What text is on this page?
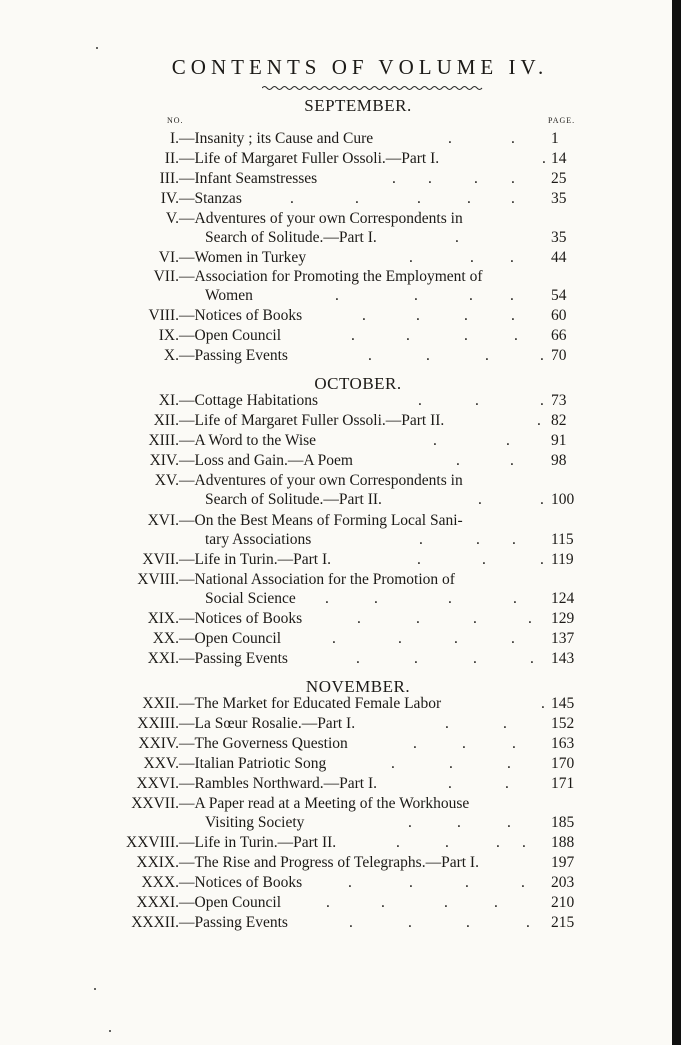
CONTENTS OF VOLUME IV.
NO.	PAGE.
SEPTEMBER.
I. —Insanity ; its Cause and Cure	.	. 1
II. —Life of Margaret Fuller Ossoli.—Part I.	. 14
III. —Infant Seamstresses	. .	. . 25
IV. —Stanzas	.	.	.	.	. 35
V. —Adventures of your own Correspondents in
Search of Solitude.—Part I.	.	35
VI. —Women in Turkey	.	. . 44
VII. —Association for Promoting the Employment of
Women	.	.	. . 54
VIII. —Notices of Books	.	.	.	. 60
IX. —Open Council	.	.	.	. 66
X. —Passing Events	.	.	.	. 70
OCTOBER.
XI. —Cottage Habitations	.	.	. 73
XII. —Life of Margaret Fuller Ossoli.—Part II.	. 82
XIII. —A Word to the Wise	.	.	91
XIV. —Loss and Gain.—A Poem	.	. 98
XV. —Adventures of your own Correspondents in
Search of Solitude.—Part II.	.	. 100
XVI. —On the Best Means of Forming Local Sani-
tary Associations	.	. . 115
XVII. —Life in Turin.—Part I.	.	.	. 119
XVIII. —National Association for the Promotion of
Social Science .	.	.	. 124
XIX. —Notices of Books	.	.	.	. 129
XX. —Open Council	.	.	.	. 137
XXI. —Passing Events	.	.	.	. 143
NOVEMBER.
XXII. —The Market for Educated Female Labor	. 145
XXIII. —La Sœur Rosalie.—Part I.	.	.	152
XXIV. —The Governess Question	.	.	. 163
XXV. —Italian Patriotic Song	.	.	.	170
XXVI. —Rambles Northward.—Part I.	.	.	171
XXVII. —A Paper read at a Meeting of the Workhouse
Visiting Society	.	.	.	185
XXVIII. —Life in Turin.—Part II.	.	.	. . 188
XXIX. —The Rise and Progress of Telegraphs.—Part I.	197
XXX. —Notices of Books	.	.	.	. 203
XXXI. —Open Council	.	.	.	.	210
XXXII. —Passing Events	.	.	.	. 215
